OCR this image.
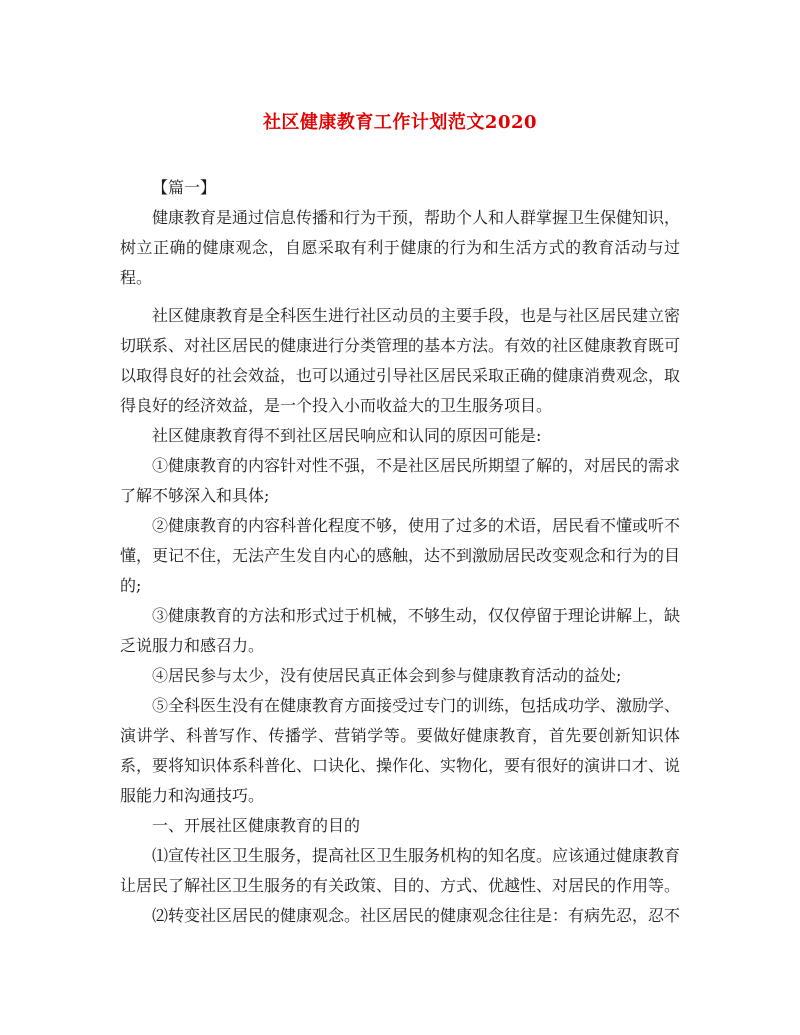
社区健康教育工作计划范文2020

【篇一】

健康教育是通过信息传播和行为干预，帮助个人和人群掌握卫生保健知识，树立正确的健康观念，自愿采取有利于健康的行为和生活方式的教育活动与过程。

社区健康教育是全科医生进行社区动员的主要手段，也是与社区居民建立密切联系、对社区居民的健康进行分类管理的基本方法。有效的社区健康教育既可以取得良好的社会效益，也可以通过引导社区居民采取正确的健康消费观念，取得良好的经济效益，是一个投入小而收益大的卫生服务项目。

社区健康教育得不到社区居民响应和认同的原因可能是:

①健康教育的内容针对性不强，不是社区居民所期望了解的，对居民的需求了解不够深入和具体;

②健康教育的内容科普化程度不够，使用了过多的术语，居民看不懂或听不懂，更记不住，无法产生发自内心的感触，达不到激励居民改变观念和行为的目的;

③健康教育的方法和形式过于机械，不够生动，仅仅停留于理论讲解上，缺乏说服力和感召力。

④居民参与太少，没有使居民真正体会到参与健康教育活动的益处;

⑤全科医生没有在健康教育方面接受过专门的训练，包括成功学、激励学、演讲学、科普写作、传播学、营销学等。要做好健康教育，首先要创新知识体系，要将知识体系科普化、口诀化、操作化、实物化，要有很好的演讲口才、说服能力和沟通技巧。

一、开展社区健康教育的目的

⑴宣传社区卫生服务，提高社区卫生服务机构的知名度。应该通过健康教育让居民了解社区卫生服务的有关政策、目的、方式、优越性、对居民的作用等。

⑵转变社区居民的健康观念。社区居民的健康观念往往是：有病先忍，忍不
